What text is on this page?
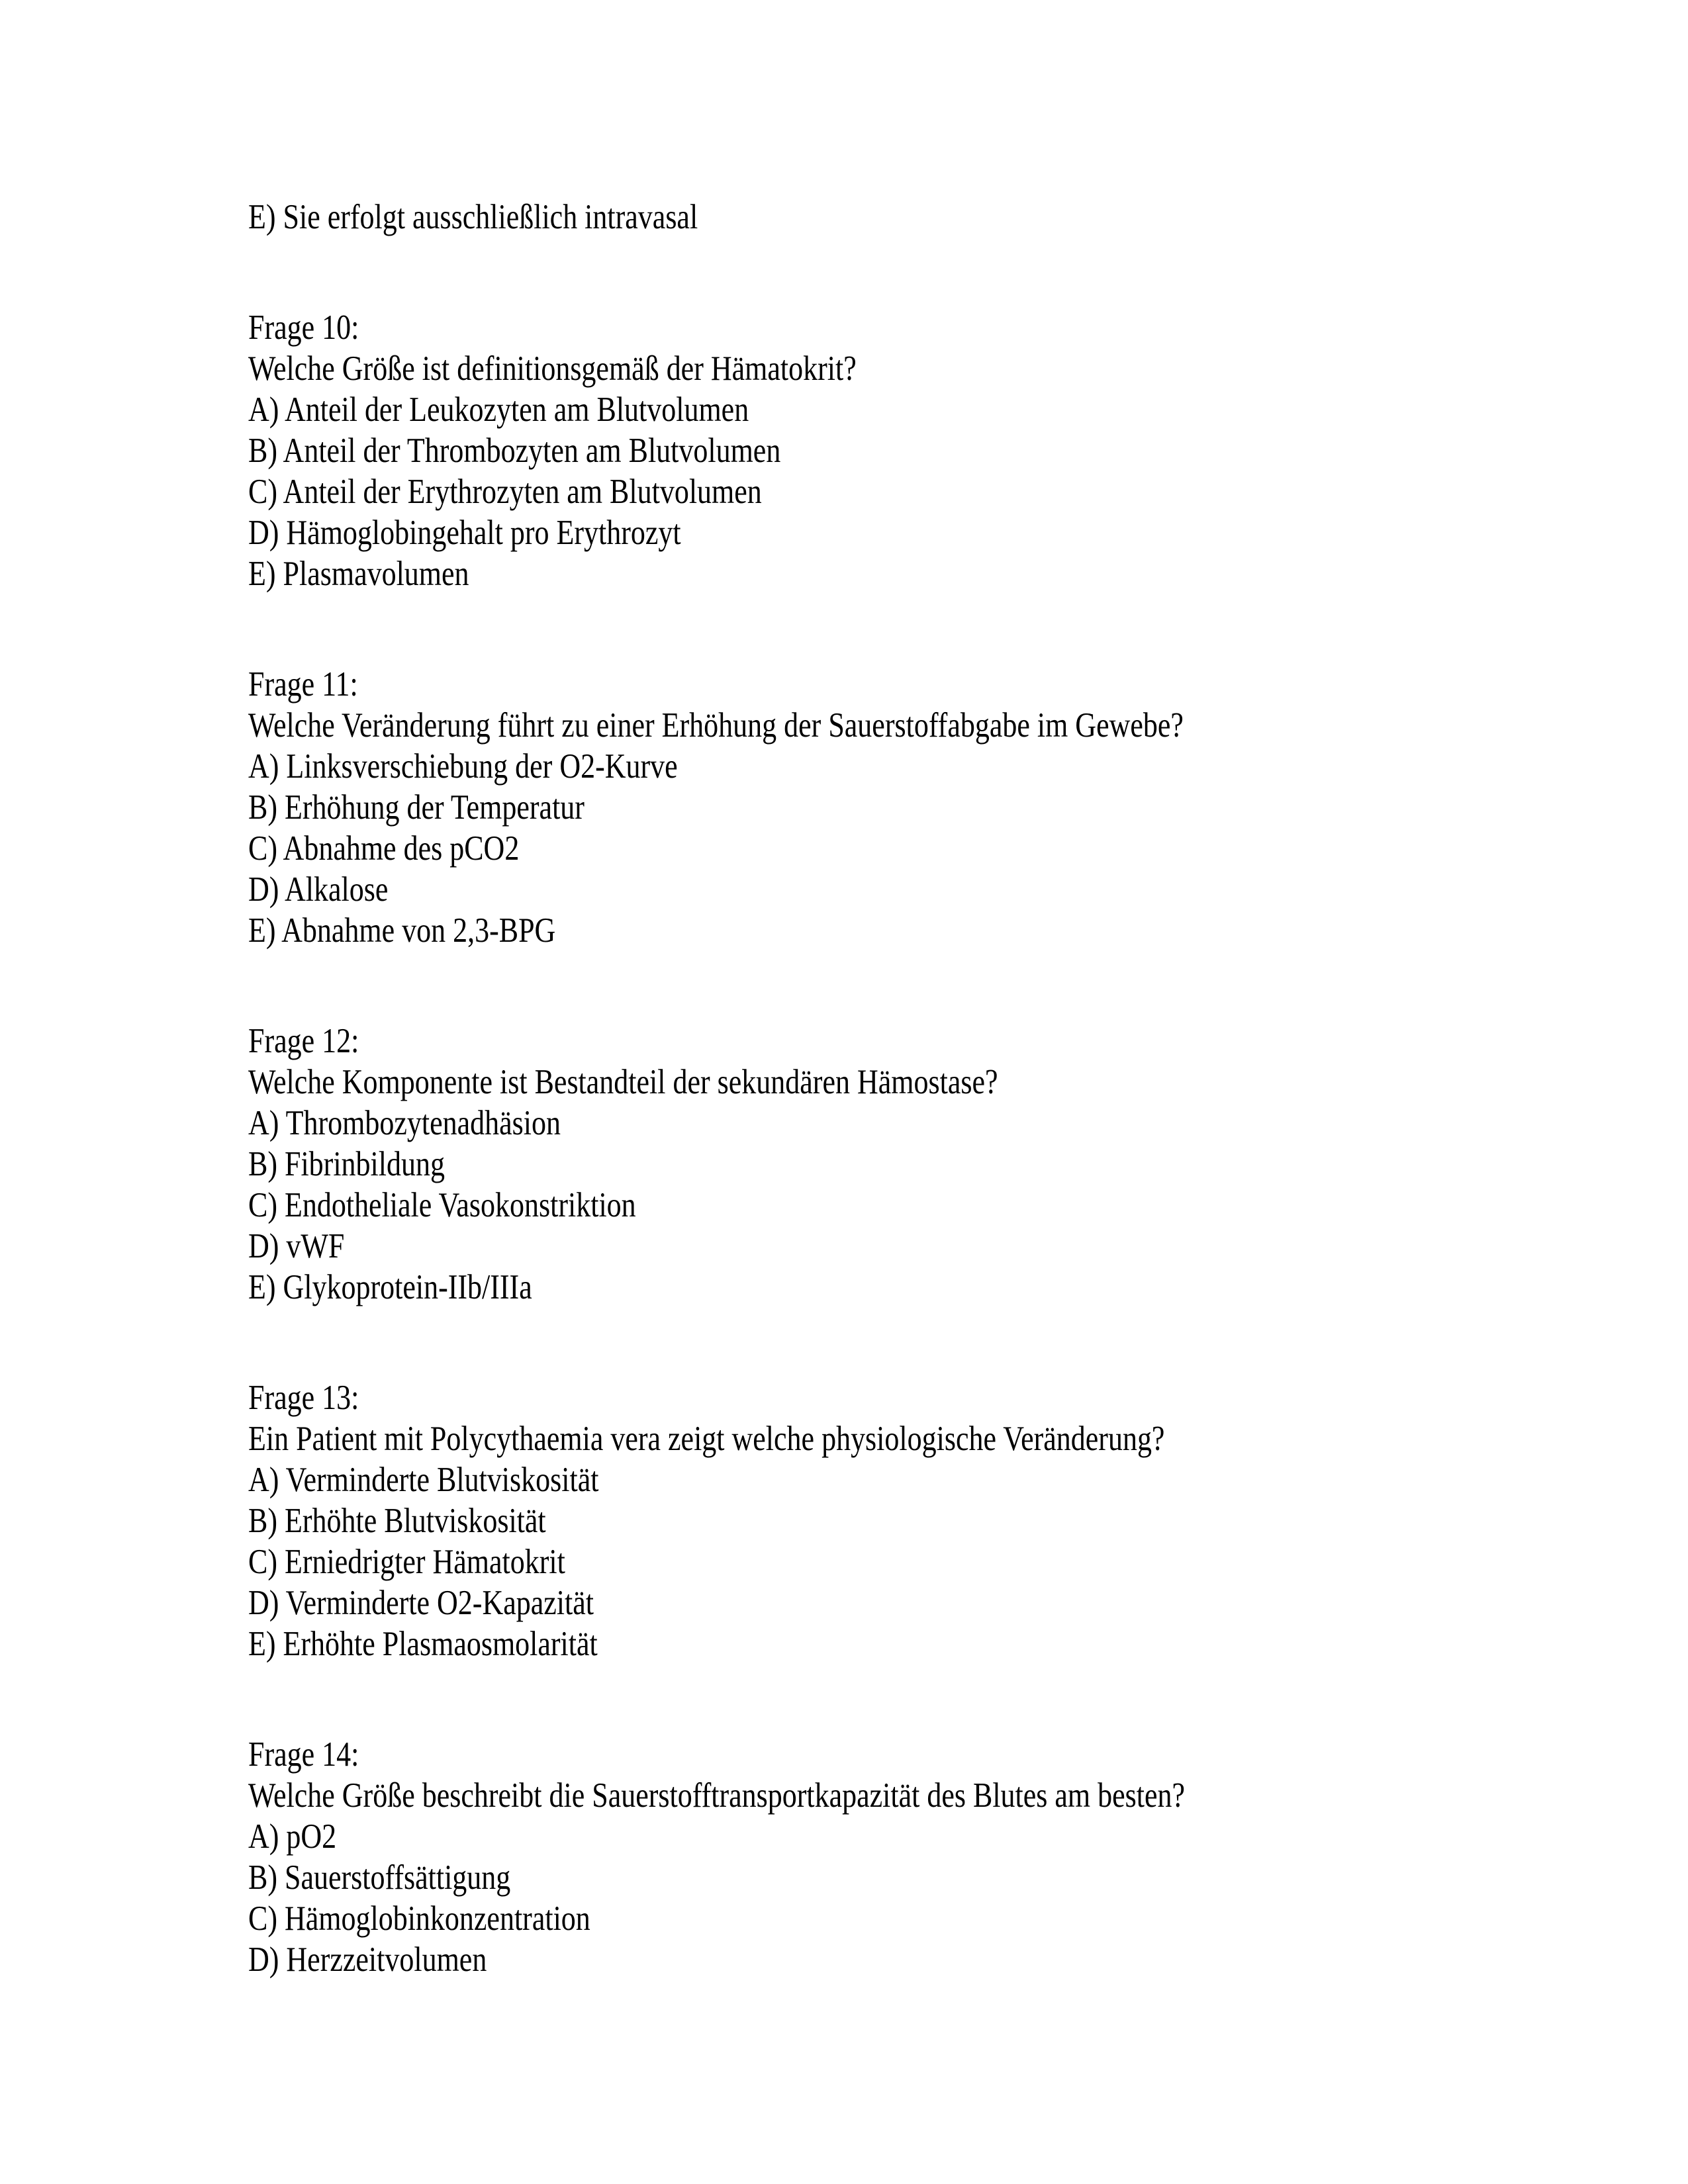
E) Sie erfolgt ausschließlich intravasal
Frage 10:
Welche Größe ist definitionsgemäß der Hämatokrit?
A) Anteil der Leukozyten am Blutvolumen
B) Anteil der Thrombozyten am Blutvolumen
C) Anteil der Erythrozyten am Blutvolumen
D) Hämoglobingehalt pro Erythrozyt
E) Plasmavolumen
Frage 11:
Welche Veränderung führt zu einer Erhöhung der Sauerstoffabgabe im Gewebe?
A) Linksverschiebung der O2-Kurve
B) Erhöhung der Temperatur
C) Abnahme des pCO2
D) Alkalose
E) Abnahme von 2,3-BPG
Frage 12:
Welche Komponente ist Bestandteil der sekundären Hämostase?
A) Thrombozytenadhäsion
B) Fibrinbildung
C) Endotheliale Vasokonstriktion
D) vWF
E) Glykoprotein-IIb/IIIa
Frage 13:
Ein Patient mit Polycythaemia vera zeigt welche physiologische Veränderung?
A) Verminderte Blutviskosität
B) Erhöhte Blutviskosität
C) Erniedrigter Hämatokrit
D) Verminderte O2-Kapazität
E) Erhöhte Plasmaosmolarität
Frage 14:
Welche Größe beschreibt die Sauerstofftransportkapazität des Blutes am besten?
A) pO2
B) Sauerstoffsättigung
C) Hämoglobinkonzentration
D) Herzzeitvolumen
